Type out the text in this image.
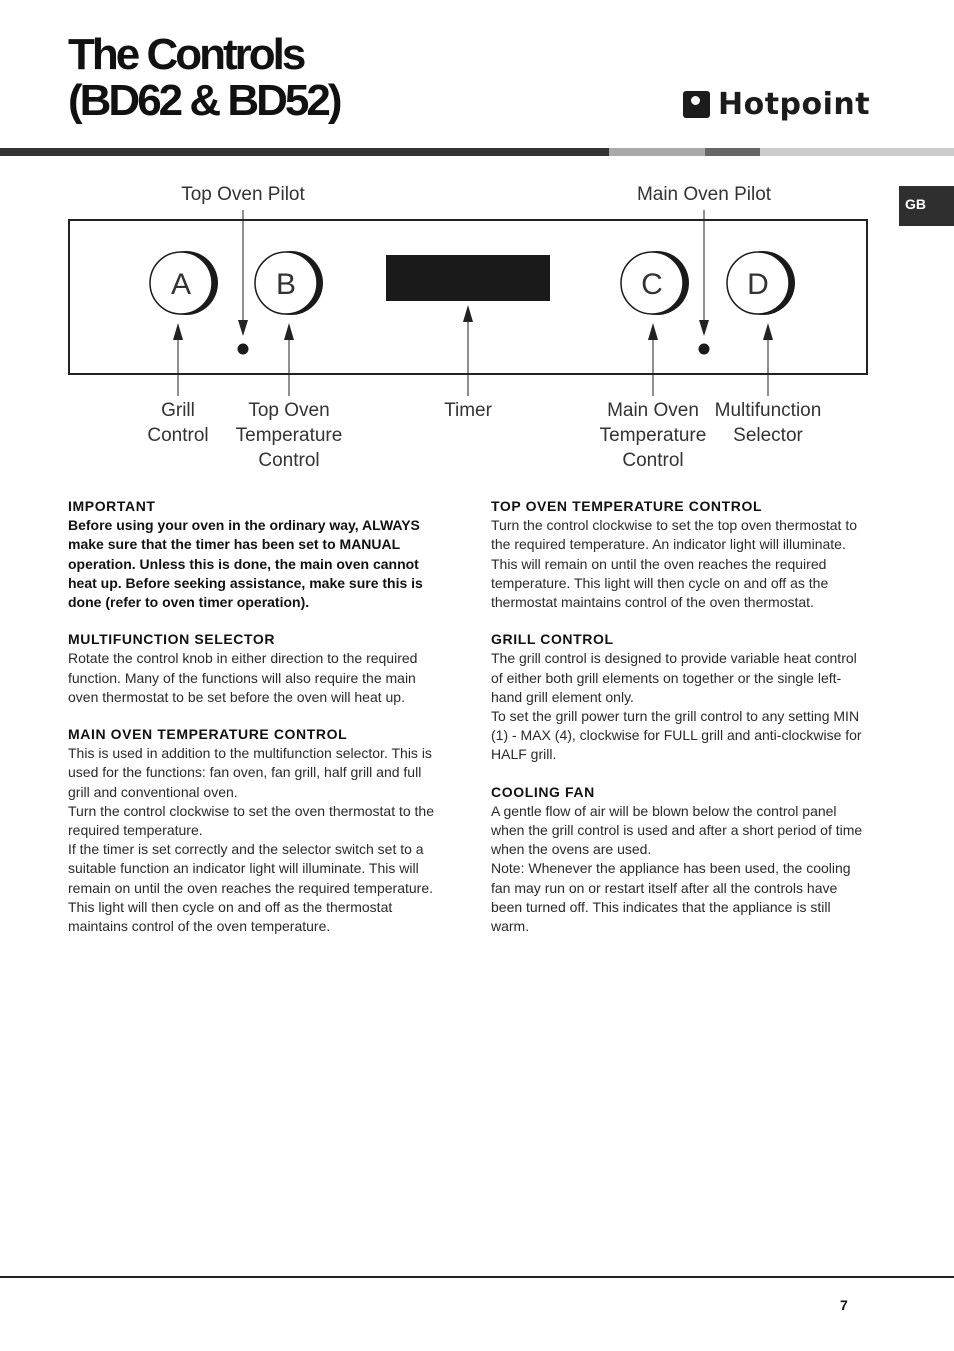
The Controls
(BD62 & BD52)	Hotpoint
GB
A	B	C	D
Top Oven Pilot	Main Oven Pilot
Grill
Control
Top Oven
Temperature
Control
Timer	Main Oven
Temperature
Control
Multifunction
Selector

IMPORTANT

Before using your oven in the ordinary way, ALWAYS make sure that the timer has been set to MANUAL operation. Unless this is done, the main oven cannot heat up. Before seeking assistance, make sure this is done (refer to oven timer operation).

MULTIFUNCTION SELECTOR

Rotate the control knob in either direction to the required function. Many of the functions will also require the main oven thermostat to be set before the oven will heat up.

MAIN OVEN TEMPERATURE CONTROL

This is used in addition to the multifunction selector. This is used for the functions: fan oven, fan grill, half grill and full grill and conventional oven.

Turn the control clockwise to set the oven thermostat to the required temperature.

If the timer is set correctly and the selector switch set to a suitable function an indicator light will illuminate. This will remain on until the oven reaches the required temperature. This light will then cycle on and off as the thermostat maintains control of the oven temperature.

TOP OVEN TEMPERATURE CONTROL

Turn the control clockwise to set the top oven thermostat to the required temperature. An indicator light will illuminate. This will remain on until the oven reaches the required temperature. This light will then cycle on and off as the thermostat maintains control of the oven thermostat.

GRILL CONTROL

The grill control is designed to provide variable heat control of either both grill elements on together or the single left-hand grill element only.

To set the grill power turn the grill control to any setting MIN (1) - MAX (4), clockwise for FULL grill and anti-clockwise for HALF grill.

COOLING FAN

A gentle flow of air will be blown below the control panel when the grill control is used and after a short period of time when the ovens are used.

Note: Whenever the appliance has been used, the cooling fan may run on or restart itself after all the controls have been turned off. This indicates that the appliance is still warm.

7
